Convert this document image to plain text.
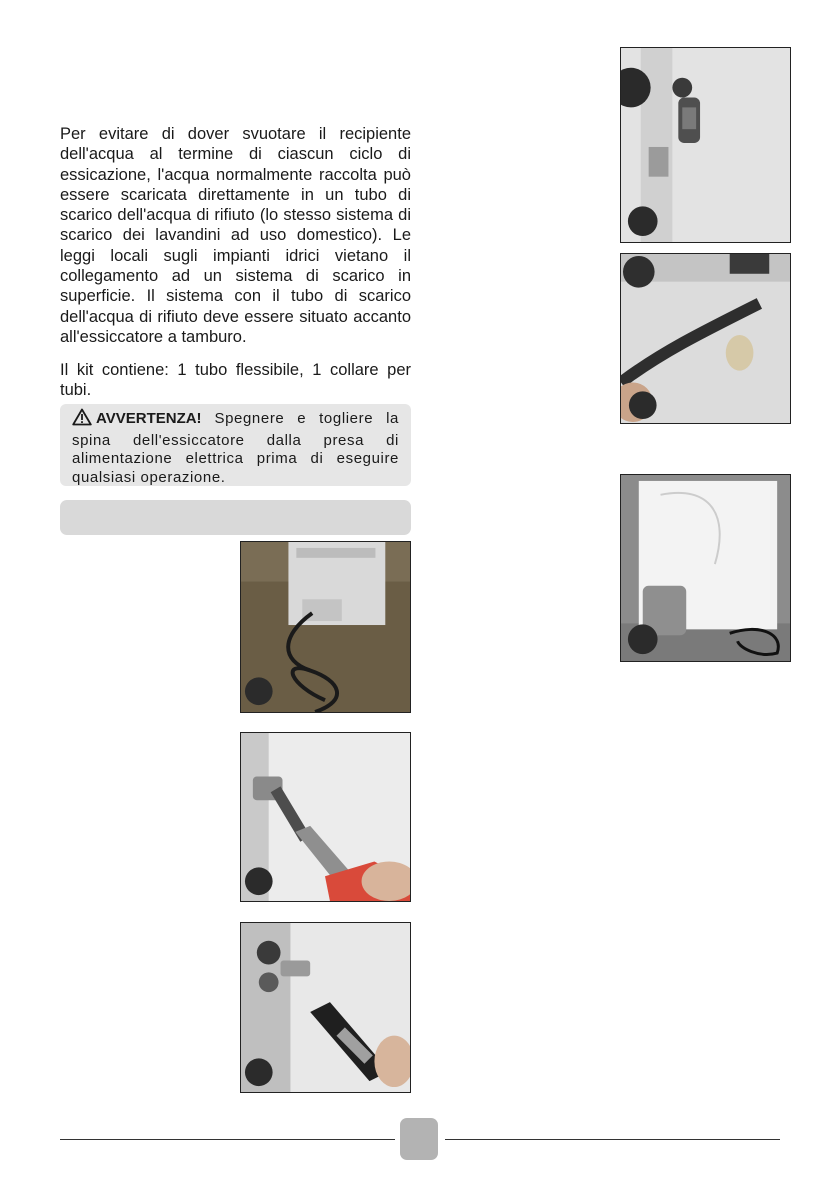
Per evitare di dover svuotare il recipiente dell'acqua al termine di ciascun ciclo di essicazione, l'acqua normalmente raccolta può essere scaricata direttamente in un tubo di scarico dell'acqua di rifiuto (lo stesso sistema di scarico dei lavandini ad uso domestico). Le leggi locali sugli impianti idrici vietano il collegamento ad un sistema di scarico in superficie. Il sistema con il tubo di scarico dell'acqua di rifiuto deve essere situato accanto all'essiccatore a tamburo.

Il kit contiene: 1 tubo flessibile, 1 collare per tubi.

AVVERTENZA! Spegnere e togliere la spina dell'essiccatore dalla presa di alimentazione elettrica prima di eseguire qualsiasi operazione.
